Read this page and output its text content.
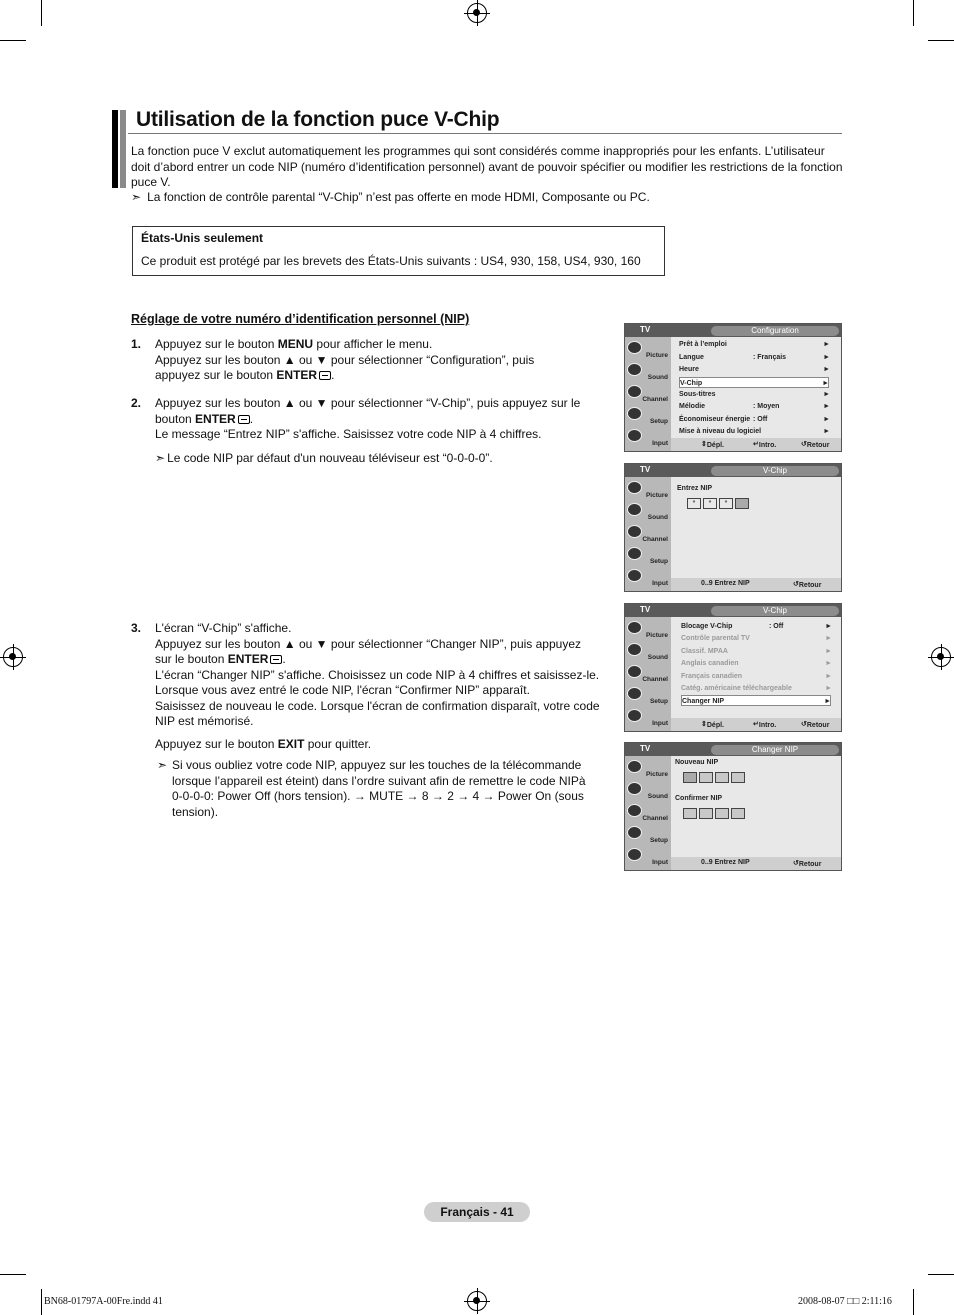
Utilisation de la fonction puce V-Chip
La fonction puce V exclut automatiquement les programmes qui sont considérés comme inappropriés pour les enfants. L’utilisateur doit d’abord entrer un code NIP (numéro d’identification personnel) avant de pouvoir spécifier ou modifier les restrictions de la fonction puce V.
➣ La fonction de contrôle parental “V-Chip” n’est pas offerte en mode HDMI, Composante ou PC.
États-Unis seulement
Ce produit est protégé par les brevets des États-Unis suivants : US4, 930, 158, US4, 930, 160
Réglage de votre numéro d’identification personnel (NIP)
1. Appuyez sur le bouton MENU pour afficher le menu.
Appuyez sur les bouton ▲ ou ▼ pour sélectionner “Configuration”, puis
appuyez sur le bouton ENTER .
2. Appuyez sur les bouton ▲ ou ▼ pour sélectionner “V-Chip”, puis appuyez sur le
bouton ENTER .
Le message “Entrez NIP” s'affiche. Saisissez votre code NIP à 4 chiffres.
➣ Le code NIP par défaut d'un nouveau téléviseur est “0-0-0-0”.
3. L'écran “V-Chip” s'affiche.
Appuyez sur les bouton ▲ ou ▼ pour sélectionner “Changer NIP”, puis appuyez
sur le bouton ENTER .
L'écran “Changer NIP” s'affiche. Choisissez un code NIP à 4 chiffres et saisissez-le.
Lorsque vous avez entré le code NIP, l'écran “Confirmer NIP” apparaît.
Saisissez de nouveau le code. Lorsque l'écran de confirmation disparaît, votre code
NIP est mémorisé.
Appuyez sur le bouton EXIT pour quitter.
➣ Si vous oubliez votre code NIP, appuyez sur les touches de la télécommande
lorsque l’appareil est éteint) dans l’ordre suivant afin de remettre le code NIPà
0-0-0-0: Power Off (hors tension). → MUTE → 8 → 2 → 4 → Power On (sous
tension).
TV	Configuration
Picture
Sound
Channel
Setup
Input
Prêt à l’emploi	►
Langue	: Français	►
Heure	►
V-Chip	►
Sous-titres	►
Mélodie	: Moyen	►
Économiseur énergie : Off	►
Mise à niveau du logiciel	►
⇕ Dépl.	↵ Intro.	↺ Retour
TV	V-Chip
Picture
Sound
Channel
Setup
Input
Entrez NIP
*	*	*
0..9 Entrez NIP	↺ Retour
TV	V-Chip
Picture
Sound
Channel
Setup
Input
Blocage V-Chip	: Off	►
Contrôle parental TV	►
Classif. MPAA	►
Anglais canadien	►
Français canadien	►
Catég. américaine téléchargeable	►
Changer NIP	►
⇕ Dépl.	↵ Intro.	↺ Retour
TV	Changer NIP
Picture
Sound
Channel
Setup
Input
Nouveau NIP
Confirmer NIP
0..9 Entrez NIP	↺ Retour
Français - 41
BN68-01797A-00Fre.indd 41	2008-08-07 □□ 2:11:16
